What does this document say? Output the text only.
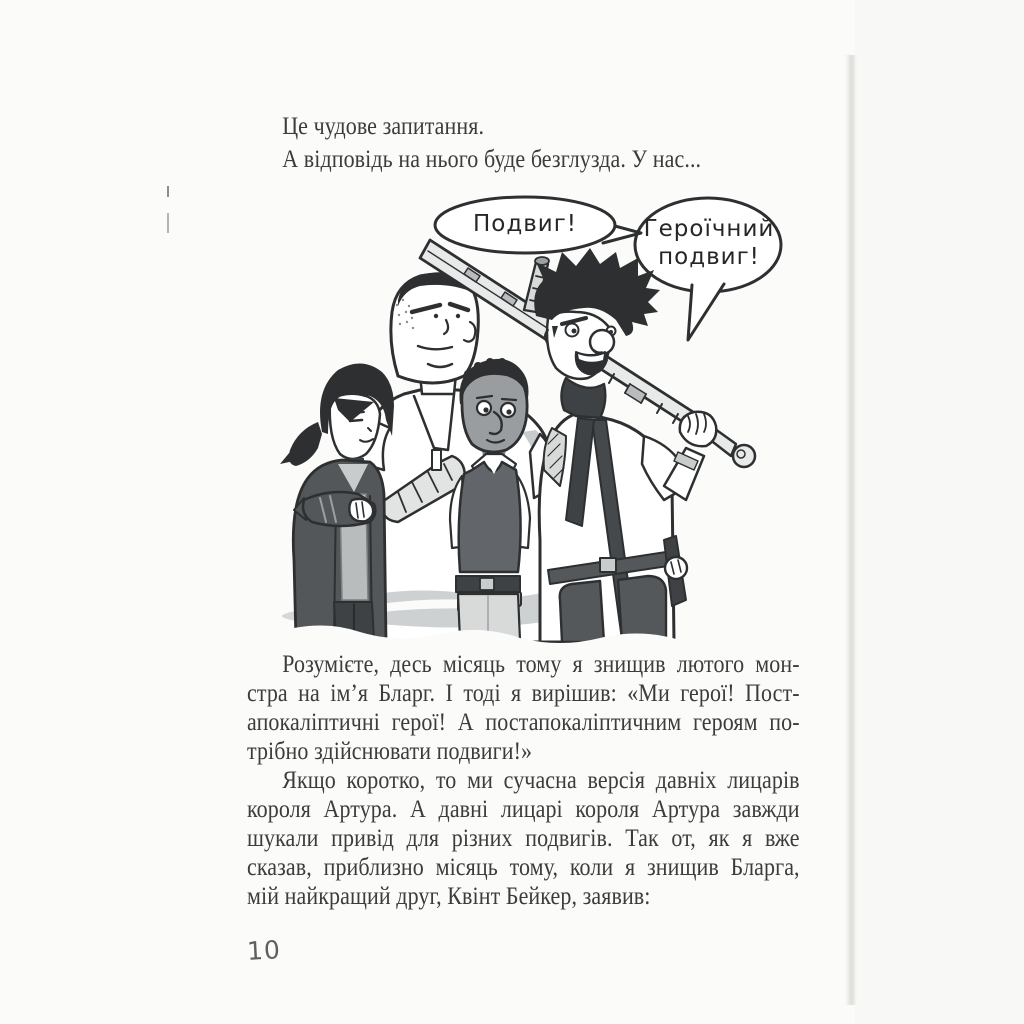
Це чудове запитання.
А відповідь на нього буде безглузда. У нас...
Подвиг!	Героїчний подвиг!
Розумієте, десь місяць тому я знищив лютого мон-
стра на ім’я Бларг. І тоді я вирішив: «Ми герої! Пост-
апокаліптичні герої! А постапокаліптичним героям по-
трібно здійснювати подвиги!»
Якщо коротко, то ми сучасна версія давніх лицарів
короля Артура. А давні лицарі короля Артура завжди
шукали привід для різних подвигів. Так от, як я вже
сказав, приблизно місяць тому, коли я знищив Бларга,
мій найкращий друг, Квінт Бейкер, заявив:
10
